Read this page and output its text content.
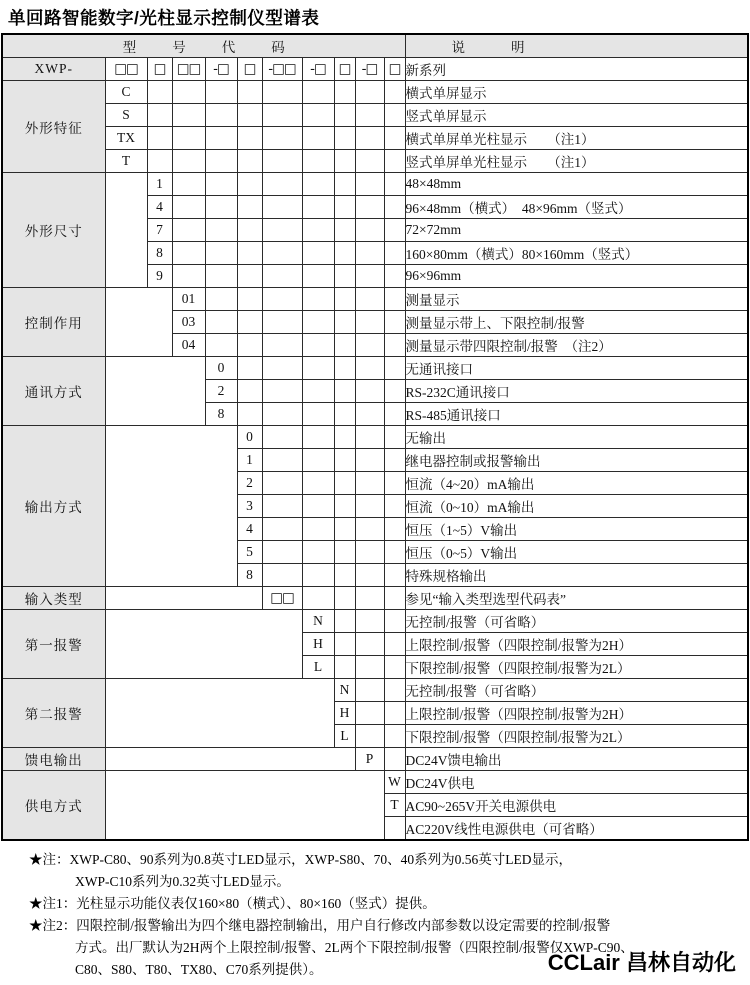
单回路智能数字/光柱显示控制仪型谱表
型号代码											说明
XWP-	□□	□	□□	-□	□	-□□	-□	□	-□	□	新系列
外形特征	C										横式单屏显示
	S										竖式单屏显示
	TX										横式单屏单光柱显示　　（注1）
	T										竖式单屏单光柱显示　　（注1）
外形尺寸		1									48×48mm
		4									96×48mm（横式）　48×96mm（竖式）
		7									72×72mm
		8									160×80mm（横式）80×160mm（竖式）
		9									96×96mm
控制作用			01								测量显示
			03								测量显示带上、下限控制/报警
			04								测量显示带四限控制/报警　（注2）
通讯方式				0							无通讯接口
				2							RS-232C通讯接口
				8							RS-485通讯接口
输出方式					0						无输出
					1						继电器控制或报警输出
					2						恒流（4~20）mA输出
					3						恒流（0~10）mA输出
					4						恒压（1~5）V输出
					5						恒压（0~5）V输出
					8						特殊规格输出
输入类型						□□					参见“输入类型选型代码表”
第一报警							N				无控制/报警（可省略）
							H				上限控制/报警（四限控制/报警为2H）
							L				下限控制/报警（四限控制/报警为2L）
第二报警								N			无控制/报警（可省略）
								H			上限控制/报警（四限控制/报警为2H）
								L			下限控制/报警（四限控制/报警为2L）
馈电输出									P		DC24V馈电输出
供电方式										W	DC24V供电
										T	AC90~265V开关电源供电
											AC220V线性电源供电（可省略）
★注：XWP-C80、90系列为0.8英寸LED显示，XWP-S80、70、40系列为0.56英寸LED显示，
XWP-C10系列为0.32英寸LED显示。
★注1：光柱显示功能仪表仅160×80（横式）、80×160（竖式）提供。
★注2：四限控制/报警输出为四个继电器控制输出，用户自行修改内部参数以设定需要的控制/报警
方式。出厂默认为2H两个上限控制/报警、2L两个下限控制/报警（四限控制/报警仅XWP-C90、
C80、S80、T80、TX80、C70系列提供）。	CCLair 昌林自动化
